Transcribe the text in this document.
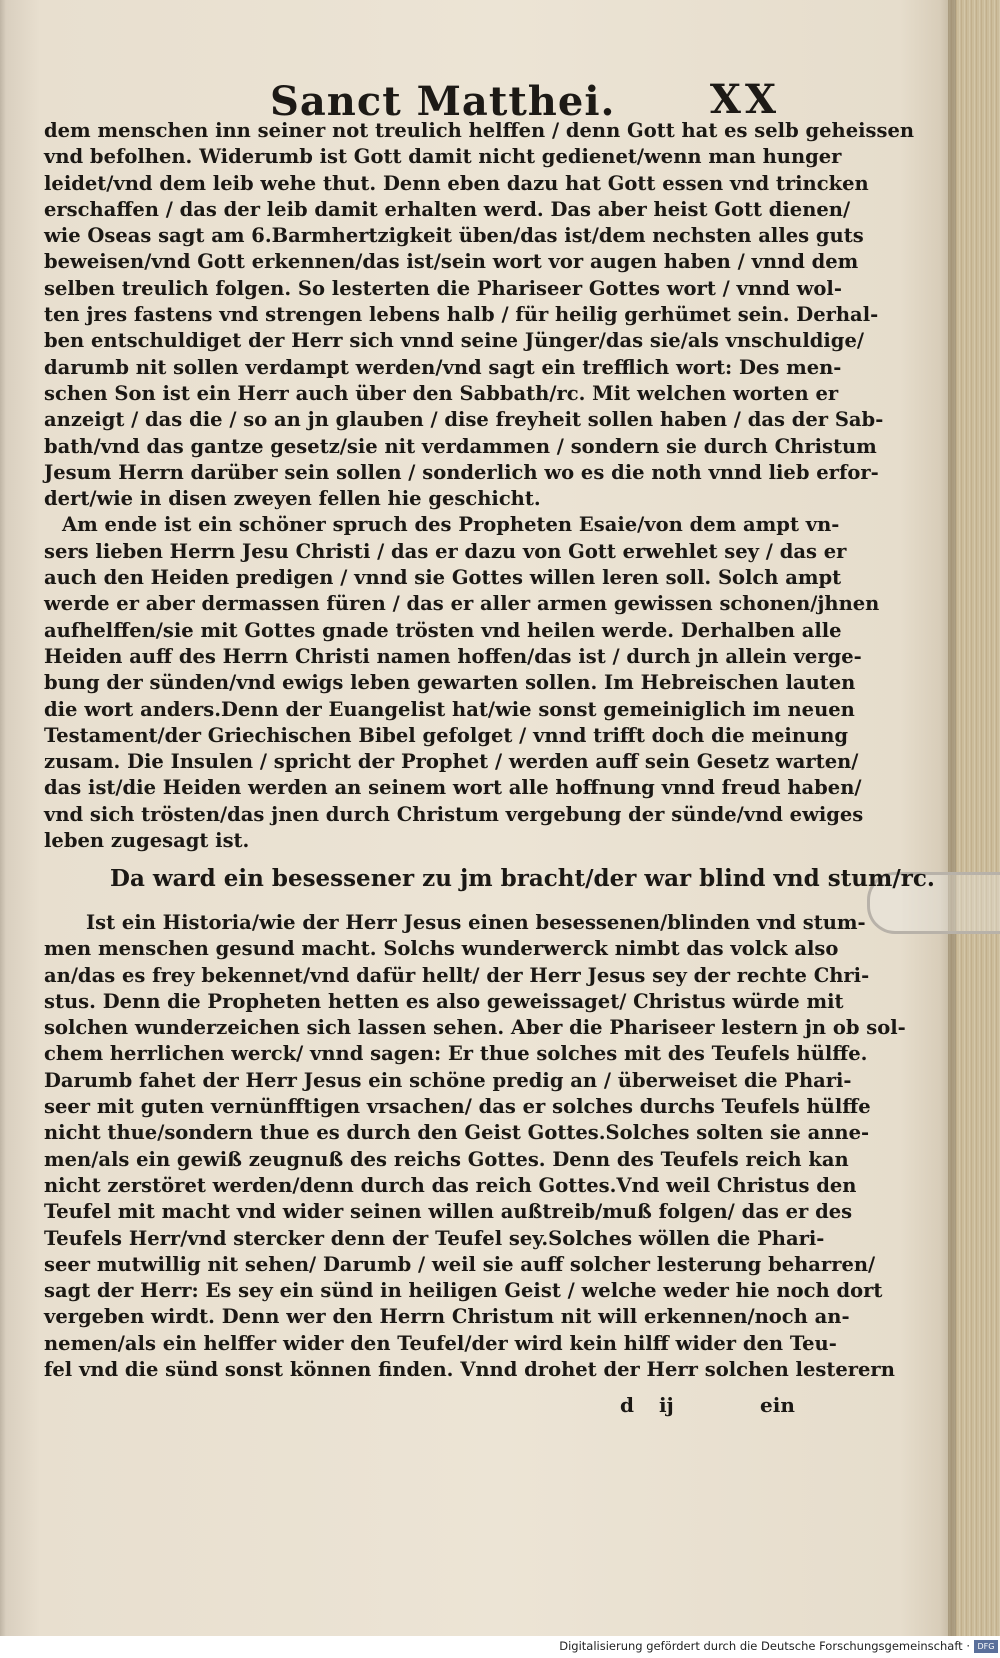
Sanct Matthei. XX
dem menschen inn seiner not treulich helffen / denn Gott hat es selb geheissen
vnd befolhen. Widerumb ist Gott damit nicht gedienet/wenn man hunger
leidet/vnd dem leib wehe thut. Denn eben dazu hat Gott essen vnd trincken
erschaffen / das der leib damit erhalten werd. Das aber heist Gott dienen/
wie Oseas sagt am 6.Barmhertzigkeit üben/das ist/dem nechsten alles guts
beweisen/vnd Gott erkennen/das ist/sein wort vor augen haben / vnnd dem
selben treulich folgen. So lesterten die Phariseer Gottes wort / vnnd wol-
ten jres fastens vnd strengen lebens halb / für heilig gerhümet sein. Derhal-
ben entschuldiget der Herr sich vnnd seine Jünger/das sie/als vnschuldige/
darumb nit sollen verdampt werden/vnd sagt ein trefflich wort: Des men-
schen Son ist ein Herr auch über den Sabbath/rc. Mit welchen worten er
anzeigt / das die / so an jn glauben / dise freyheit sollen haben / das der Sab-
bath/vnd das gantze gesetz/sie nit verdammen / sondern sie durch Christum
Jesum Herrn darüber sein sollen / sonderlich wo es die noth vnnd lieb erfor-
dert/wie in disen zweyen fellen hie geschicht.
Am ende ist ein schöner spruch des Propheten Esaie/von dem ampt vn-
sers lieben Herrn Jesu Christi / das er dazu von Gott erwehlet sey / das er
auch den Heiden predigen / vnnd sie Gottes willen leren soll. Solch ampt
werde er aber dermassen füren / das er aller armen gewissen schonen/jhnen
aufhelffen/sie mit Gottes gnade trösten vnd heilen werde. Derhalben alle
Heiden auff des Herrn Christi namen hoffen/das ist / durch jn allein verge-
bung der sünden/vnd ewigs leben gewarten sollen. Im Hebreischen lauten
die wort anders.Denn der Euangelist hat/wie sonst gemeiniglich im neuen
Testament/der Griechischen Bibel gefolget / vnnd trifft doch die meinung
zusam. Die Insulen / spricht der Prophet / werden auff sein Gesetz warten/
das ist/die Heiden werden an seinem wort alle hoffnung vnnd freud haben/
vnd sich trösten/das jnen durch Christum vergebung der sünde/vnd ewiges
leben zugesagt ist.
Da ward ein besessener zu jm bracht/der war blind vnd stum/rc.
Ist ein Historia/wie der Herr Jesus einen besessenen/blinden vnd stum-
men menschen gesund macht. Solchs wunderwerck nimbt das volck also
an/das es frey bekennet/vnd dafür hellt/ der Herr Jesus sey der rechte Chri-
stus. Denn die Propheten hetten es also geweissaget/ Christus würde mit
solchen wunderzeichen sich lassen sehen. Aber die Phariseer lestern jn ob sol-
chem herrlichen werck/ vnnd sagen: Er thue solches mit des Teufels hülffe.
Darumb fahet der Herr Jesus ein schöne predig an / überweiset die Phari-
seer mit guten vernünfftigen vrsachen/ das er solches durchs Teufels hülffe
nicht thue/sondern thue es durch den Geist Gottes.Solches solten sie anne-
men/als ein gewiß zeugnuß des reichs Gottes. Denn des Teufels reich kan
nicht zerstöret werden/denn durch das reich Gottes.Vnd weil Christus den
Teufel mit macht vnd wider seinen willen außtreib/muß folgen/ das er des
Teufels Herr/vnd stercker denn der Teufel sey.Solches wöllen die Phari-
seer mutwillig nit sehen/ Darumb / weil sie auff solcher lesterung beharren/
sagt der Herr: Es sey ein sünd in heiligen Geist / welche weder hie noch dort
vergeben wirdt. Denn wer den Herrn Christum nit will erkennen/noch an-
nemen/als ein helffer wider den Teufel/der wird kein hilff wider den Teu-
fel vnd die sünd sonst können finden. Vnnd drohet der Herr solchen lesterern
d ij	ein
Digitalisierung gefördert durch die Deutsche Forschungsgemeinschaft · DFG
